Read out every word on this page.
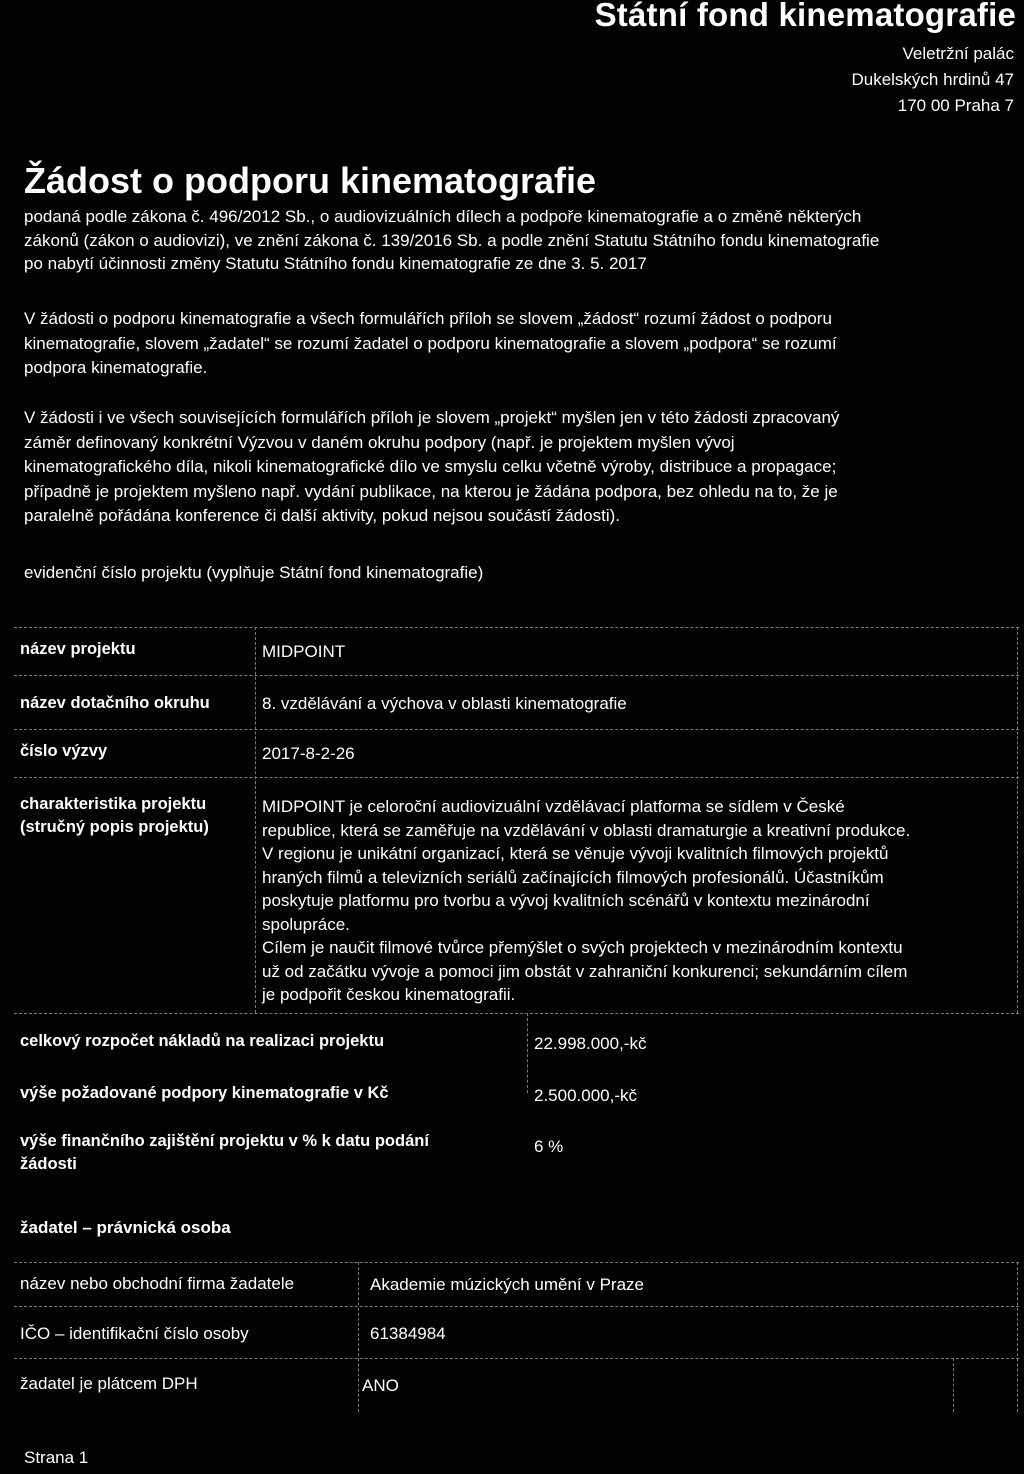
Státní fond kinematografie
Veletržní palác
Dukelských hrdinů 47
170 00 Praha 7
Žádost o podporu kinematografie
podaná podle zákona č. 496/2012 Sb., o audiovizuálních dílech a podpoře kinematografie a o změně některých
zákonů (zákon o audiovizi), ve znění zákona č. 139/2016 Sb. a podle znění Statutu Státního fondu kinematografie
po nabytí účinnosti změny Statutu Státního fondu kinematografie ze dne 3. 5. 2017
V žádosti o podporu kinematografie a všech formulářích příloh se slovem „žádost“ rozumí žádost o podporu
kinematografie, slovem „žadatel“ se rozumí žadatel o podporu kinematografie a slovem „podpora“ se rozumí
podpora kinematografie.
V žádosti i ve všech souvisejících formulářích příloh je slovem „projekt“ myšlen jen v této žádosti zpracovaný
záměr definovaný konkrétní Výzvou v daném okruhu podpory (např. je projektem myšlen vývoj
kinematografického díla, nikoli kinematografické dílo ve smyslu celku včetně výroby, distribuce a propagace;
případně je projektem myšleno např. vydání publikace, na kterou je žádána podpora, bez ohledu na to, že je
paralelně pořádána konference či další aktivity, pokud nejsou součástí žádosti).
evidenční číslo projektu (vyplňuje Státní fond kinematografie)
název projektu	MIDPOINT
název dotačního okruhu	8. vzdělávání a výchova v oblasti kinematografie
číslo výzvy	2017-8-2-26
charakteristika projektu
(stručný popis projektu)
MIDPOINT je celoroční audiovizuální vzdělávací platforma se sídlem v České
republice, která se zaměřuje na vzdělávání v oblasti dramaturgie a kreativní produkce.
V regionu je unikátní organizací, která se věnuje vývoji kvalitních filmových projektů
hraných filmů a televizních seriálů začínajících filmových profesionálů. Účastníkům
poskytuje platformu pro tvorbu a vývoj kvalitních scénářů v kontextu mezinárodní
spolupráce.
Cílem je naučit filmové tvůrce přemýšlet o svých projektech v mezinárodním kontextu
už od začátku vývoje a pomoci jim obstát v zahraniční konkurenci; sekundárním cílem
je podpořit českou kinematografii.
celkový rozpočet nákladů na realizaci projektu	22.998.000,-kč
výše požadované podpory kinematografie v Kč	2.500.000,-kč
výše finančního zajištění projektu v % k datu podání
žádosti
6 %
žadatel – právnická osoba
název nebo obchodní firma žadatele	Akademie múzických umění v Praze
IČO – identifikační číslo osoby	61384984
žadatel je plátcem DPH	ANO
Strana 1
